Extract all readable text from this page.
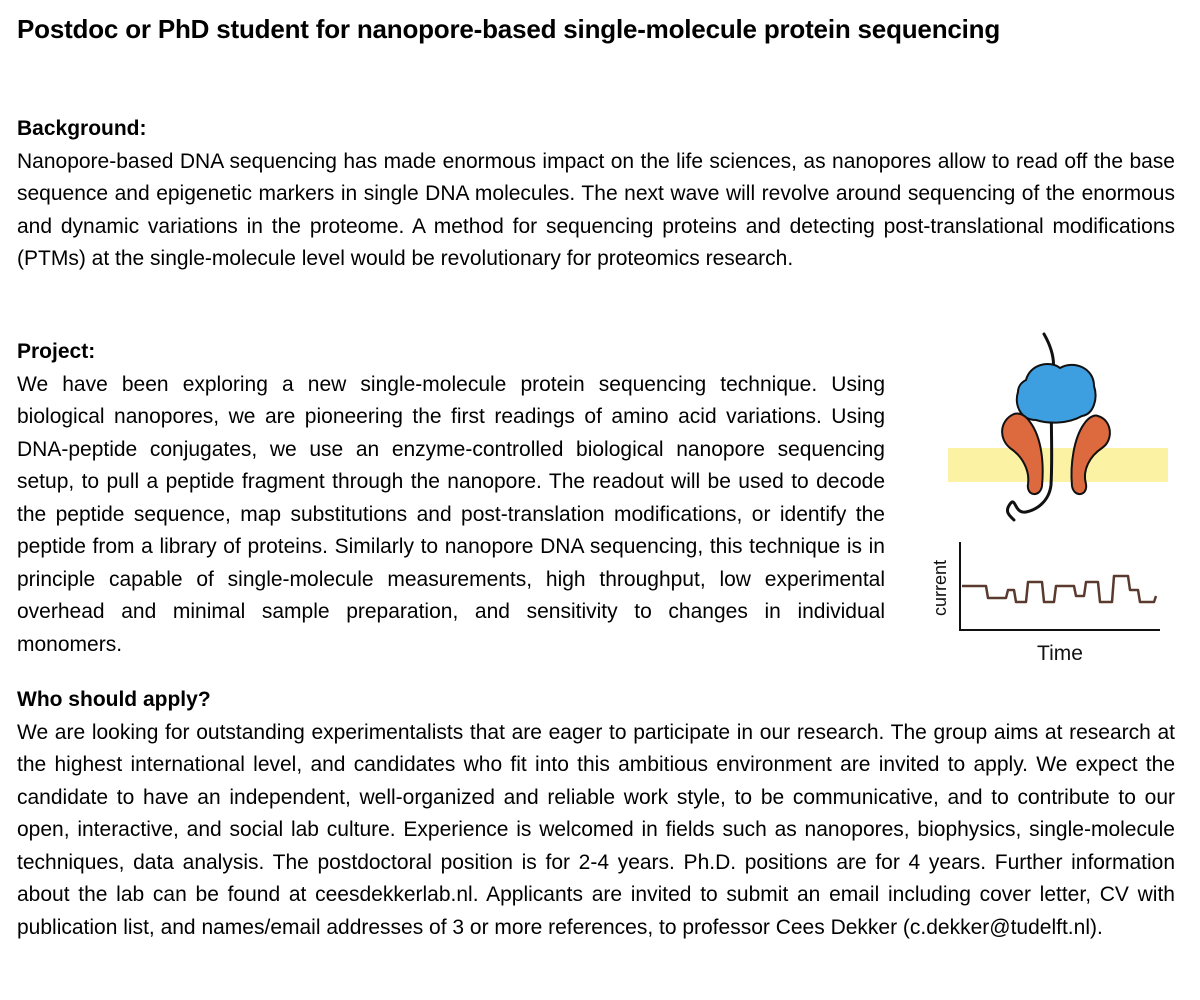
Postdoc or PhD student for nanopore-based single-molecule protein sequencing

Background:

Nanopore-based DNA sequencing has made enormous impact on the life sciences, as nanopores allow to read off the base sequence and epigenetic markers in single DNA molecules. The next wave will revolve around sequencing of the enormous and dynamic variations in the proteome. A method for sequencing proteins and detecting post-translational modifications (PTMs) at the single-molecule level would be revolutionary for proteomics research.

Project:

We have been exploring a new single-molecule protein sequencing technique. Using biological nanopores, we are pioneering the first readings of amino acid variations. Using DNA-peptide conjugates, we use an enzyme-controlled biological nanopore sequencing setup, to pull a peptide fragment through the nanopore. The readout will be used to decode the peptide sequence, map substitutions and post-translation modifications, or identify the peptide from a library of proteins. Similarly to nanopore DNA sequencing, this technique is in principle capable of single-molecule measurements, high throughput, low experimental overhead and minimal sample preparation, and sensitivity to changes in individual monomers.

Who should apply?

We are looking for outstanding experimentalists that are eager to participate in our research. The group aims at research at the highest international level, and candidates who fit into this ambitious environment are invited to apply. We expect the candidate to have an independent, well-organized and reliable work style, to be communicative, and to contribute to our open, interactive, and social lab culture. Experience is welcomed in fields such as nanopores, biophysics, single-molecule techniques, data analysis. The postdoctoral position is for 2-4 years. Ph.D. positions are for 4 years. Further information about the lab can be found at ceesdekkerlab.nl. Applicants are invited to submit an email including cover letter, CV with publication list, and names/email addresses of 3 or more references, to professor Cees Dekker (c.dekker@tudelft.nl).

current
Time
